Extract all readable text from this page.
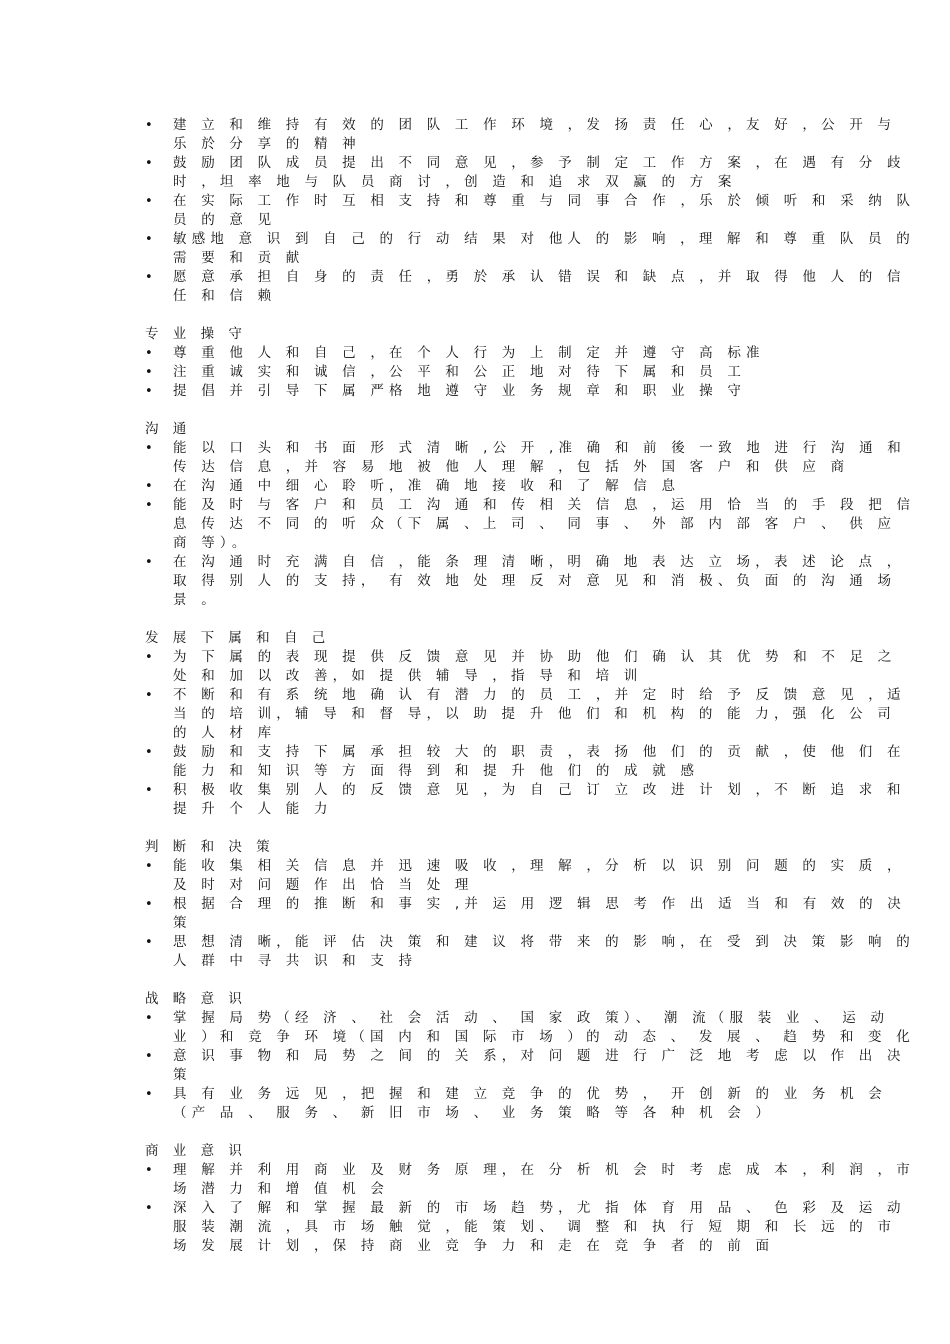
• 建 立 和 维 持 有 效 的 团 队 工 作 环 境 ，发 扬 责 任 心 ，友 好 ，公 开 与
乐 於 分 享 的 精 神
• 鼓 励 团 队 成 员 提 出 不 同 意 见 ，参 予 制 定 工 作 方 案 ，在 遇 有 分 歧
时 ，坦 率 地 与 队 员 商 讨 ，创 造 和 追 求 双 赢 的 方 案
• 在 实 际 工 作 时 互 相 支 持 和 尊 重 与 同 事 合 作 ，乐 於 倾 听 和 采 纳 队
员 的 意 见
• 敏感地 意 识 到 自 己 的 行 动 结 果 对 他人 的 影 响 ，理 解 和 尊 重 队 员 的
需 要 和 贡 献
• 愿 意 承 担 自 身 的 责 任 ，勇 於 承 认 错 误 和 缺 点 ，并 取 得 他 人 的 信
任 和 信 赖
专 业 操 守
• 尊 重 他 人 和 自 己 ，在 个 人 行 为 上 制 定 并 遵 守 高 标准
• 注 重 诚 实 和 诚 信 ，公 平 和 公 正 地 对 待 下 属 和 员 工
• 提 倡 并 引 导 下 属 严格 地 遵 守 业 务 规 章 和 职 业 操 守
沟 通
• 能 以 口 头 和 书 面 形 式 清 晰 ,公 开 ,准 确 和 前 後 一致 地 进 行 沟 通 和
传 达 信 息 ，并 容 易 地 被 他 人 理 解 ，包 括 外 国 客 户 和 供 应 商
• 在 沟 通 中 细 心 聆 听，准 确 地 接 收 和 了 解 信 息
• 能 及 时 与 客 户 和 员 工 沟 通 和 传 相 关 信 息 ，运 用 恰 当 的 手 段 把 信
息 传 达 不 同 的 听 众（下 属 、上 司 、 同 事 、 外 部 内 部 客 户 、 供 应
商 等）。
• 在 沟 通 时 充 满 自 信 ，能 条 理 清 晰，明 确 地 表 达 立 场，表 述 论 点 ，
取 得 别 人 的 支 持， 有 效 地 处 理 反 对 意 见 和 消 极、负 面 的 沟 通 场
景 。
发 展 下 属 和 自 己
• 为 下 属 的 表 现 提 供 反 馈 意 见 并 协 助 他 们 确 认 其 优 势 和 不 足 之
处 和 加 以 改 善，如 提 供 辅 导 ，指 导 和 培 训
• 不 断 和 有 系 统 地 确 认 有 潜 力 的 员 工 ，并 定 时 给 予 反 馈 意 见 ，适
当 的 培 训，辅 导 和 督 导，以 助 提 升 他 们 和 机 构 的 能 力，强 化 公 司
的 人 材 库
• 鼓 励 和 支 持 下 属 承 担 较 大 的 职 责 ，表 扬 他 们 的 贡 献 ，使 他 们 在
能 力 和 知 识 等 方 面 得 到 和 提 升 他 们 的 成 就 感
• 积 极 收 集 别 人 的 反 馈 意 见 ，为 自 己 订 立 改 进 计 划 ，不 断 追 求 和
提 升 个 人 能 力
判 断 和 决 策
• 能 收 集 相 关 信 息 并 迅 速 吸 收 ，理 解 ，分 析 以 识 别 问 题 的 实 质 ，
及 时 对 问 题 作 出 恰 当 处 理
• 根 据 合 理 的 推 断 和 事 实 ,并 运 用 逻 辑 思 考 作 出 适 当 和 有 效 的 决
策
• 思 想 清 晰，能 评 估 决 策 和 建 议 将 带 来 的 影 响，在 受 到 决 策 影 响 的
人 群 中 寻 共 识 和 支 持
战 略 意 识
• 掌 握 局 势（经 济 、 社 会 活 动 、 国 家 政 策）、 潮 流（服 装 业 、 运 动
业 ）和 竞 争 环 境（国 内 和 国 际 市 场 ）的 动 态 、 发 展 、 趋 势 和 变 化
• 意 识 事 物 和 局 势 之 间 的 关 系，对 问 题 进 行 广 泛 地 考 虑 以 作 出 决
策
• 具 有 业 务 远 见 ，把 握 和 建 立 竞 争 的 优 势 ， 开 创 新 的 业 务 机 会
（产 品 、 服 务 、 新 旧 市 场 、 业 务 策 略 等 各 种 机 会 ）
商 业 意 识
• 理 解 并 利 用 商 业 及 财 务 原 理，在 分 析 机 会 时 考 虑 成 本 ，利 润 ，市
场 潜 力 和 增 值 机 会
• 深 入 了 解 和 掌 握 最 新 的 市 场 趋 势，尤 指 体 育 用 品 、 色 彩 及 运 动
服 装 潮 流 ，具 市 场 触 觉 ，能 策 划、 调 整 和 执 行 短 期 和 长 远 的 市
场 发 展 计 划 ，保 持 商 业 竞 争 力 和 走 在 竞 争 者 的 前 面
